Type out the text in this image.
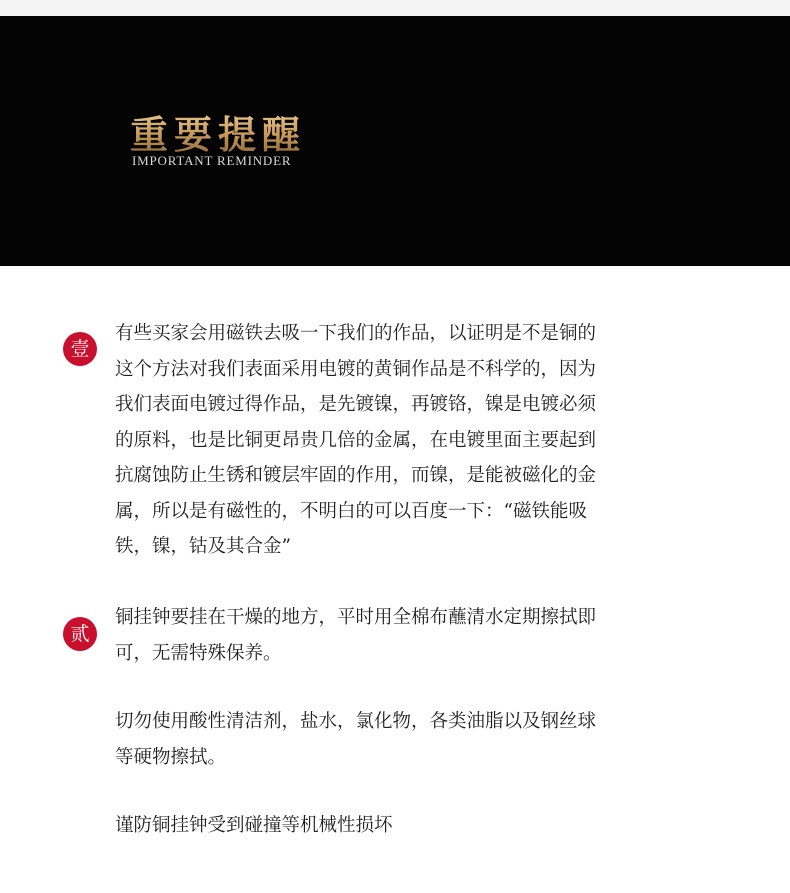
重要提醒
IMPORTANT REMINDER
壹

有些买家会用磁铁去吸一下我们的作品，以证明是不是铜的
这个方法对我们表面采用电镀的黄铜作品是不科学的，因为
我们表面电镀过得作品，是先镀镍，再镀铬，镍是电镀必须
的原料，也是比铜更昂贵几倍的金属，在电镀里面主要起到
抗腐蚀防止生锈和镀层牢固的作用，而镍，是能被磁化的金
属，所以是有磁性的，不明白的可以百度一下：“磁铁能吸
铁，镍，钴及其合金”

贰

铜挂钟要挂在干燥的地方，平时用全棉布蘸清水定期擦拭即
可，无需特殊保养。

切勿使用酸性清洁剂，盐水，氯化物，各类油脂以及钢丝球
等硬物擦拭。

谨防铜挂钟受到碰撞等机械性损坏
